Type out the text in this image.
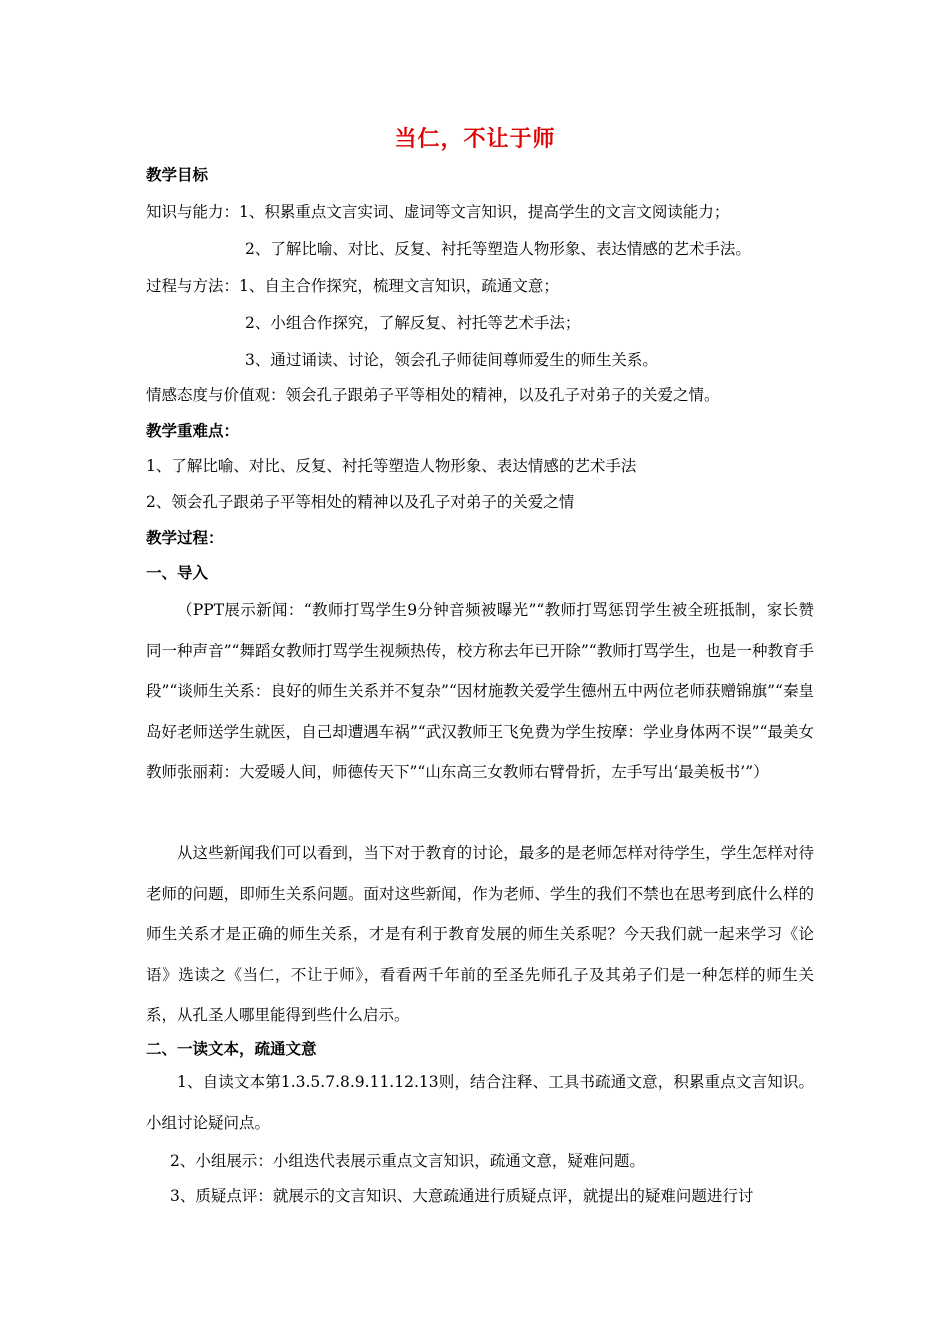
当仁，不让于师
教学目标
知识与能力：1、积累重点文言实词、虚词等文言知识，提高学生的文言文阅读能力；
2、了解比喻、对比、反复、衬托等塑造人物形象、表达情感的艺术手法。
过程与方法：1、自主合作探究，梳理文言知识，疏通文意；
2、小组合作探究，了解反复、衬托等艺术手法；
3、通过诵读、讨论，领会孔子师徒间尊师爱生的师生关系。
情感态度与价值观：领会孔子跟弟子平等相处的精神，以及孔子对弟子的关爱之情。
教学重难点：
1、了解比喻、对比、反复、衬托等塑造人物形象、表达情感的艺术手法
2、领会孔子跟弟子平等相处的精神以及孔子对弟子的关爱之情
教学过程：
一、导入
（PPT展示新闻：“教师打骂学生9分钟音频被曝光”“教师打骂惩罚学生被全班抵制，家长赞同一种声音”“舞蹈女教师打骂学生视频热传，校方称去年已开除”“教师打骂学生，也是一种教育手段”“谈师生关系：良好的师生关系并不复杂”“因材施教关爱学生德州五中两位老师获赠锦旗”“秦皇岛好老师送学生就医，自己却遭遇车祸”“武汉教师王飞免费为学生按摩：学业身体两不误”“最美女教师张丽莉：大爱暖人间，师德传天下”“山东高三女教师右臂骨折，左手写出‘最美板书’”）
从这些新闻我们可以看到，当下对于教育的讨论，最多的是老师怎样对待学生，学生怎样对待老师的问题，即师生关系问题。面对这些新闻，作为老师、学生的我们不禁也在思考到底什么样的师生关系才是正确的师生关系，才是有利于教育发展的师生关系呢？今天我们就一起来学习《论语》选读之《当仁，不让于师》，看看两千年前的至圣先师孔子及其弟子们是一种怎样的师生关系，从孔圣人哪里能得到些什么启示。
二、一读文本，疏通文意
1、自读文本第1.3.5.7.8.9.11.12.13则，结合注释、工具书疏通文意，积累重点文言知识。小组讨论疑问点。
2、小组展示：小组迭代表展示重点文言知识，疏通文意，疑难问题。
3、质疑点评：就展示的文言知识、大意疏通进行质疑点评，就提出的疑难问题进行讨
